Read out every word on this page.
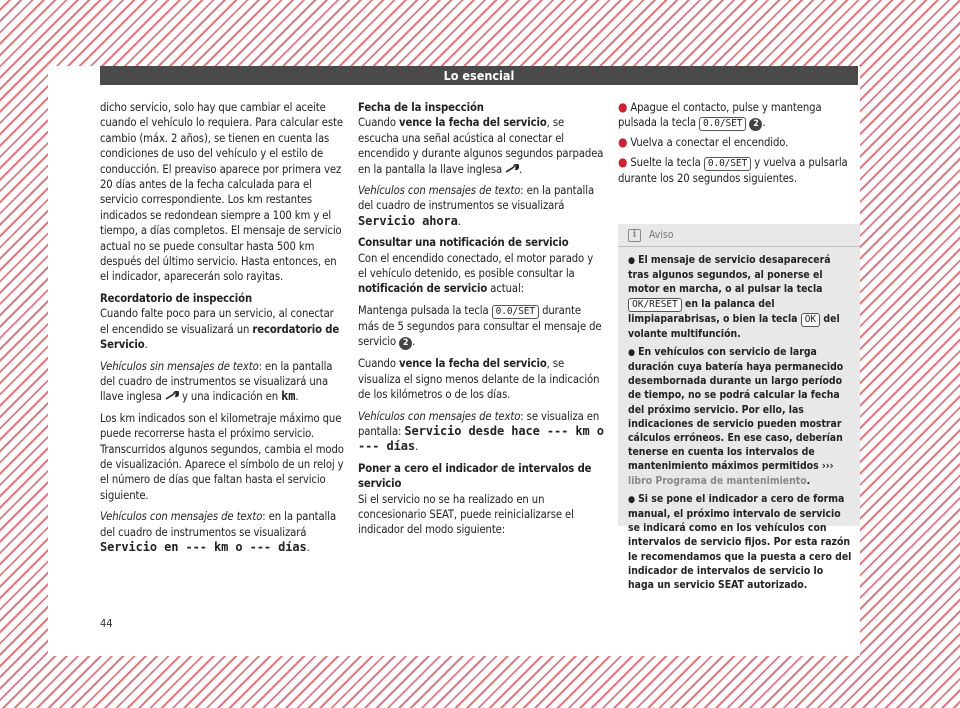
Lo esencial

dicho servicio, solo hay que cambiar el aceite cuando el vehículo lo requiera. Para calcular este cambio (máx. 2 años), se tienen en cuenta las condiciones de uso del vehículo y el estilo de conducción. El preaviso aparece por primera vez 20 días antes de la fecha calculada para el servicio correspondiente. Los km restantes indicados se redondean siempre a 100 km y el tiempo, a días completos. El mensaje de servicio actual no se puede consultar hasta 500 km después del último servicio. Hasta entonces, en el indicador, aparecerán solo rayitas.

Recordatorio de inspección

Cuando falte poco para un servicio, al conectar el encendido se visualizará un recordatorio de Servicio.

Vehículos sin mensajes de texto: en la pantalla del cuadro de instrumentos se visualizará una llave inglesa  y una indicación en km.

Los km indicados son el kilometraje máximo que puede recorrerse hasta el próximo servicio. Transcurridos algunos segundos, cambia el modo de visualización. Aparece el símbolo de un reloj y el número de días que faltan hasta el servicio siguiente.

Vehículos con mensajes de texto: en la pantalla del cuadro de instrumentos se visualizará Servicio en --- km o --- días.

Fecha de la inspección

Cuando vence la fecha del servicio, se escucha una señal acústica al conectar el encendido y durante algunos segundos parpadea en la pantalla la llave inglesa .

Vehículos con mensajes de texto: en la pantalla del cuadro de instrumentos se visualizará Servicio ahora.

Consultar una notificación de servicio

Con el encendido conectado, el motor parado y el vehículo detenido, es posible consultar la notificación de servicio actual:

Mantenga pulsada la tecla 0.0/SET durante más de 5 segundos para consultar el mensaje de servicio 2 .

Cuando vence la fecha del servicio, se visualiza el signo menos delante de la indicación de los kilómetros o de los días.

Vehículos con mensajes de texto: se visualiza en pantalla: Servicio desde hace --- km o --- días.

Poner a cero el indicador de intervalos de servicio

Si el servicio no se ha realizado en un concesionario SEAT, puede reinicializarse el indicador del modo siguiente:

● Apague el contacto, pulse y mantenga pulsada la tecla 0.0/SET 2 .

● Vuelva a conectar el encendido.

● Suelte la tecla 0.0/SET y vuelva a pulsarla durante los 20 segundos siguientes.

i	Aviso

● El mensaje de servicio desaparecerá tras algunos segundos, al ponerse el motor en marcha, o al pulsar la tecla OK/RESET en la palanca del limpiaparabrisas, o bien la tecla OK del volante multifunción.

● En vehículos con servicio de larga duración cuya batería haya permanecido desembornada durante un largo período de tiempo, no se podrá calcular la fecha del próximo servicio. Por ello, las indicaciones de servicio pueden mostrar cálculos erróneos. En ese caso, deberían tenerse en cuenta los intervalos de mantenimiento máximos permitidos ››› libro Programa de mantenimiento.

● Si se pone el indicador a cero de forma manual, el próximo intervalo de servicio se indicará como en los vehículos con intervalos de servicio fijos. Por esta razón le recomendamos que la puesta a cero del indicador de intervalos de servicio lo haga un servicio SEAT autorizado.

44
